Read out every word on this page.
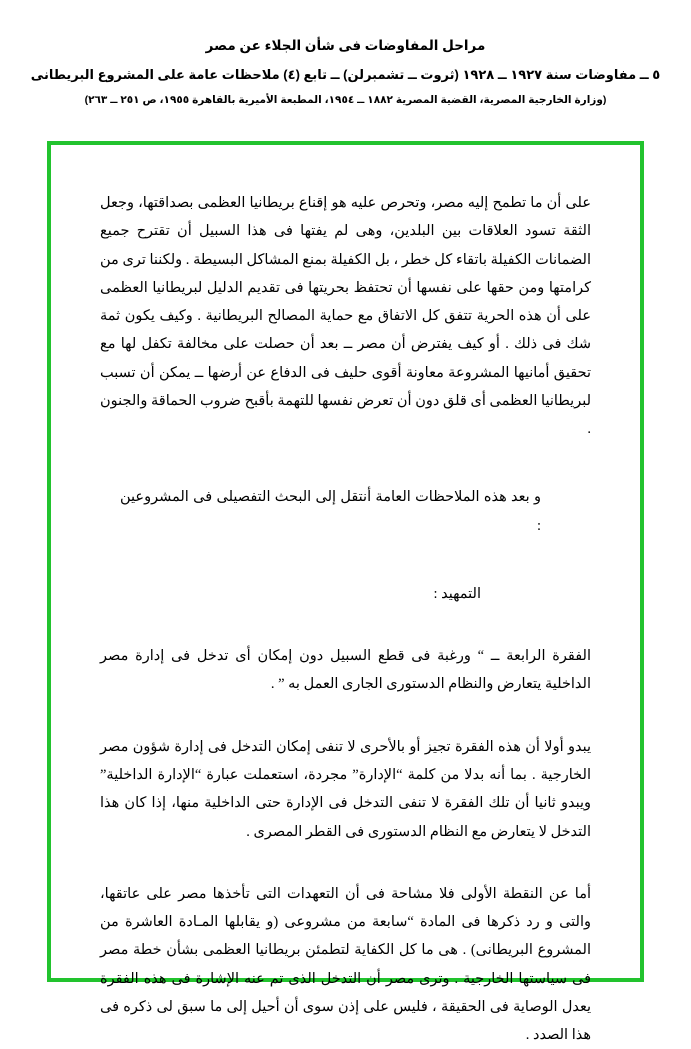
مراحل المفاوضات فى شأن الجلاء عن مصر
٥ ــ مفاوضات سنة ١٩٢٧ ــ ١٩٢٨ (ثروت ــ تشمبرلن) ــ تابع (٤) ملاحظات عامة على المشروع البريطانى
(وزارة الخارجية المصرية، القضية المصرية ١٨٨٢ ــ ١٩٥٤، المطبعة الأميرية بالقاهرة ١٩٥٥، ص ٢٥١ ــ ٢٦٣)

على أن ما تطمح إليه مصر، وتحرص عليه هو إقناع بريطانيا العظمى بصداقتها، وجعل الثقة تسود العلاقات بين البلدين، وهى لم يفتها فى هذا السبيل أن تقترح جميع الضمانات الكفيلة باتقاء كل خطر ، بل الكفيلة بمنع المشاكل البسيطة . ولكننا ترى من كرامتها ومن حقها على نفسها أن تحتفظ بحريتها فى تقديم الدليل لبريطانيا العظمى على أن هذه الحرية تتفق كل الاتفاق مع حماية المصالح البريطانية . وكيف يكون ثمة شك فى ذلك . أو كيف يفترض أن مصر ــ بعد أن حصلت على مخالفة تكفل لها مع تحقيق أمانيها المشروعة معاونة أقوى حليف فى الدفاع عن أرضها ــ يمكن أن تسبب لبريطانيا العظمى أى قلق دون أن تعرض نفسها للتهمة بأقبح ضروب الحماقة والجنون .

و بعد هذه الملاحظات العامة أنتقل إلى البحث التفصيلى فى المشروعين :

التمهيد :

الفقرة الرابعة ــ “ ورغبة فى قطع السبيل دون إمكان أى تدخل فى إدارة مصر الداخلية يتعارض والنظام الدستورى الجارى العمل به ” .

يبدو أولا أن هذه الفقرة تجيز أو بالأحرى لا تنفى إمكان التدخل فى إدارة شؤون مصر الخارجية . بما أنه بدلا من كلمة “الإدارة” مجردة، استعملت عبارة “الإدارة الداخلية” ويبدو ثانيا أن تلك الفقرة لا تنفى التدخل فى الإدارة حتى الداخلية منها، إذا كان هذا التدخل لا يتعارض مع النظام الدستورى فى القطر المصرى .

أما عن النقطة الأولى فلا مشاحة فى أن التعهدات التى تأخذها مصر على عاتقها، والتى و رد ذكرها فى المادة “سابعة من مشروعى (و يقابلها المـادة العاشرة من المشروع البريطانى) . هى ما كل الكفاية لتطمئن بريطانيا العظمى بشأن خطة مصر فى سياستها الخارجية . وترى مصر أن التدخل الذى تم عنه الإشارة فى هذه الفقرة يعدل الوصاية فى الحقيقة ، فليس على إذن سوى أن أحيل إلى ما سبق لى ذكره فى هذا الصدد .
